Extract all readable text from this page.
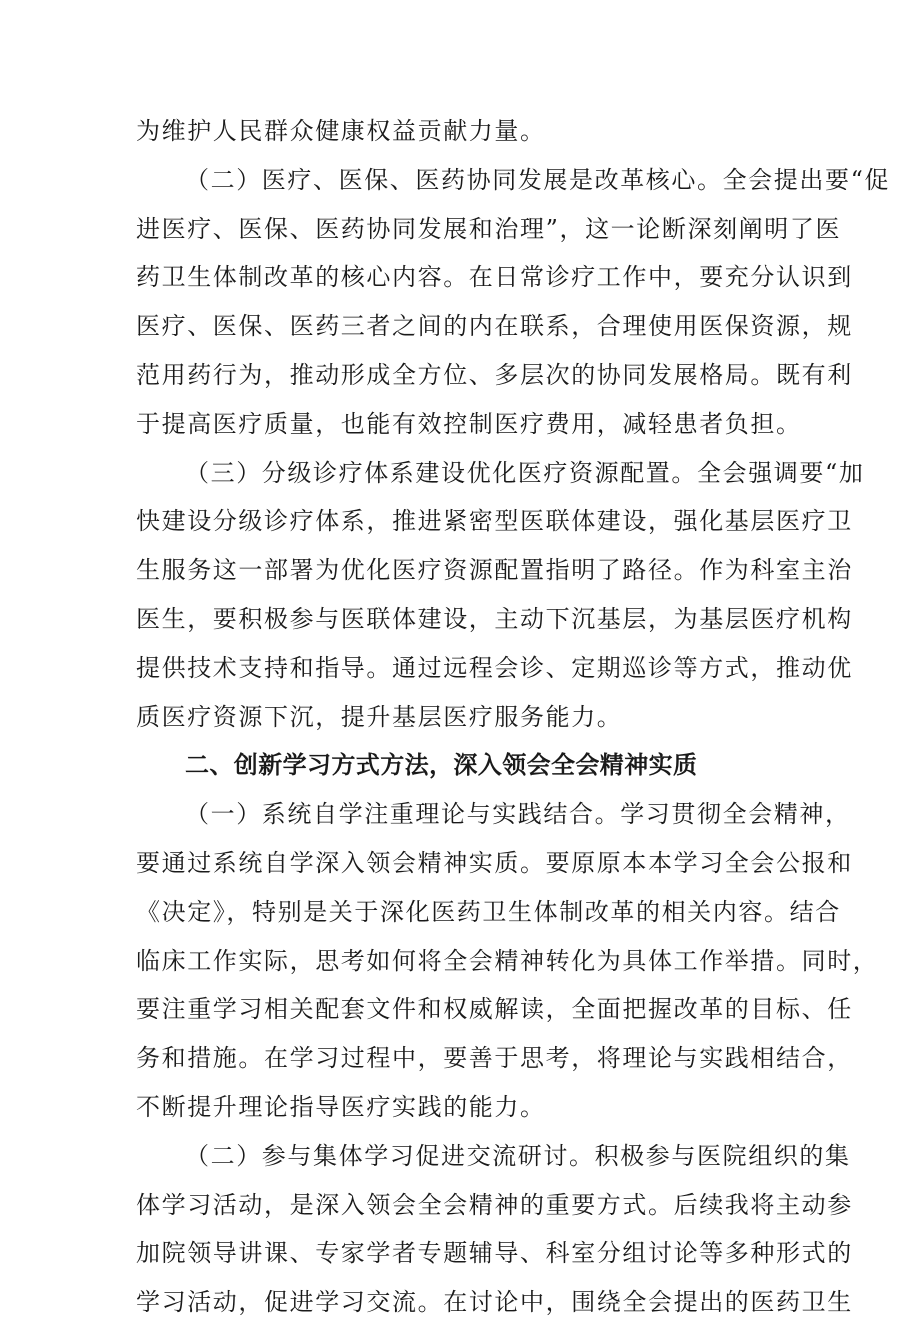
为维护人民群众健康权益贡献力量。
（二）医疗、医保、医药协同发展是改革核心。全会提出要“促
进医疗、医保、医药协同发展和治理”，这一论断深刻阐明了医
药卫生体制改革的核心内容。在日常诊疗工作中，要充分认识到
医疗、医保、医药三者之间的内在联系，合理使用医保资源，规
范用药行为，推动形成全方位、多层次的协同发展格局。既有利
于提高医疗质量，也能有效控制医疗费用，减轻患者负担。
（三）分级诊疗体系建设优化医疗资源配置。全会强调要“加
快建设分级诊疗体系，推进紧密型医联体建设，强化基层医疗卫
生服务这一部署为优化医疗资源配置指明了路径。作为科室主治
医生，要积极参与医联体建设，主动下沉基层，为基层医疗机构
提供技术支持和指导。通过远程会诊、定期巡诊等方式，推动优
质医疗资源下沉，提升基层医疗服务能力。
二、创新学习方式方法，深入领会全会精神实质
（一）系统自学注重理论与实践结合。学习贯彻全会精神，
要通过系统自学深入领会精神实质。要原原本本学习全会公报和
《决定》，特别是关于深化医药卫生体制改革的相关内容。结合
临床工作实际，思考如何将全会精神转化为具体工作举措。同时，
要注重学习相关配套文件和权威解读，全面把握改革的目标、任
务和措施。在学习过程中，要善于思考，将理论与实践相结合，
不断提升理论指导医疗实践的能力。
（二）参与集体学习促进交流研讨。积极参与医院组织的集
体学习活动，是深入领会全会精神的重要方式。后续我将主动参
加院领导讲课、专家学者专题辅导、科室分组讨论等多种形式的
学习活动，促进学习交流。在讨论中，围绕全会提出的医药卫生
